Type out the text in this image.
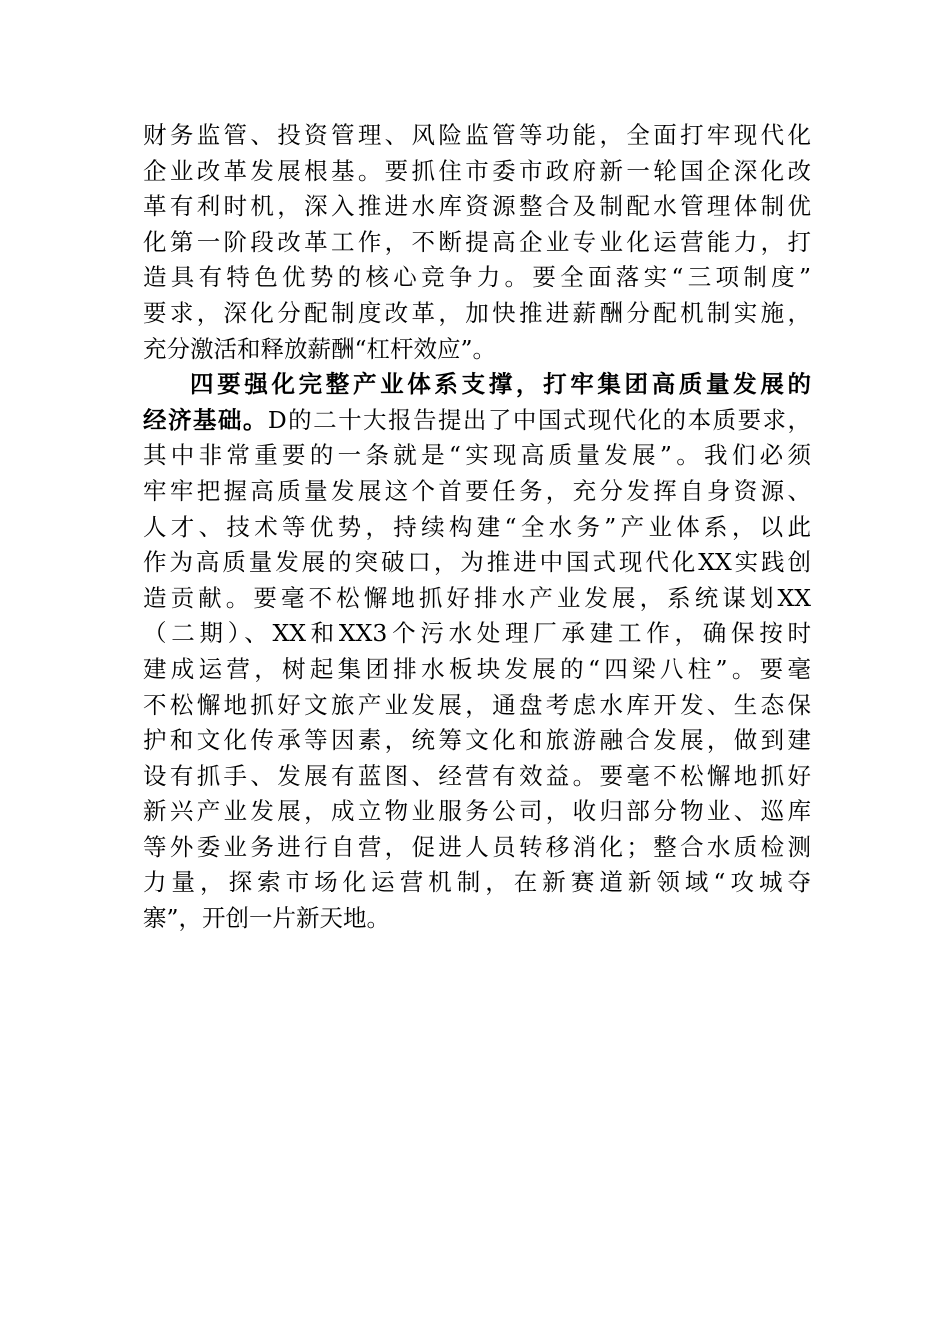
财务监管、投资管理、风险监管等功能，全面打牢现代化
企业改革发展根基。要抓住市委市政府新一轮国企深化改
革有利时机，深入推进水库资源整合及制配水管理体制优
化第一阶段改革工作，不断提高企业专业化运营能力，打
造具有特色优势的核心竞争力。要全面落实“三项制度”
要求，深化分配制度改革，加快推进薪酬分配机制实施，
充分激活和释放薪酬“杠杆效应”。
四要强化完整产业体系支撑，打牢集团高质量发展的
经济基础。D的二十大报告提出了中国式现代化的本质要求，
其中非常重要的一条就是“实现高质量发展”。我们必须
牢牢把握高质量发展这个首要任务，充分发挥自身资源、
人才、技术等优势，持续构建“全水务”产业体系，以此
作为高质量发展的突破口，为推进中国式现代化XX实践创
造贡献。要毫不松懈地抓好排水产业发展，系统谋划XX
（二期）、XX和XX3个污水处理厂承建工作，确保按时
建成运营，树起集团排水板块发展的“四梁八柱”。要毫
不松懈地抓好文旅产业发展，通盘考虑水库开发、生态保
护和文化传承等因素，统筹文化和旅游融合发展，做到建
设有抓手、发展有蓝图、经营有效益。要毫不松懈地抓好
新兴产业发展，成立物业服务公司，收归部分物业、巡库
等外委业务进行自营，促进人员转移消化；整合水质检测
力量，探索市场化运营机制，在新赛道新领域“攻城夺
寨”，开创一片新天地。
